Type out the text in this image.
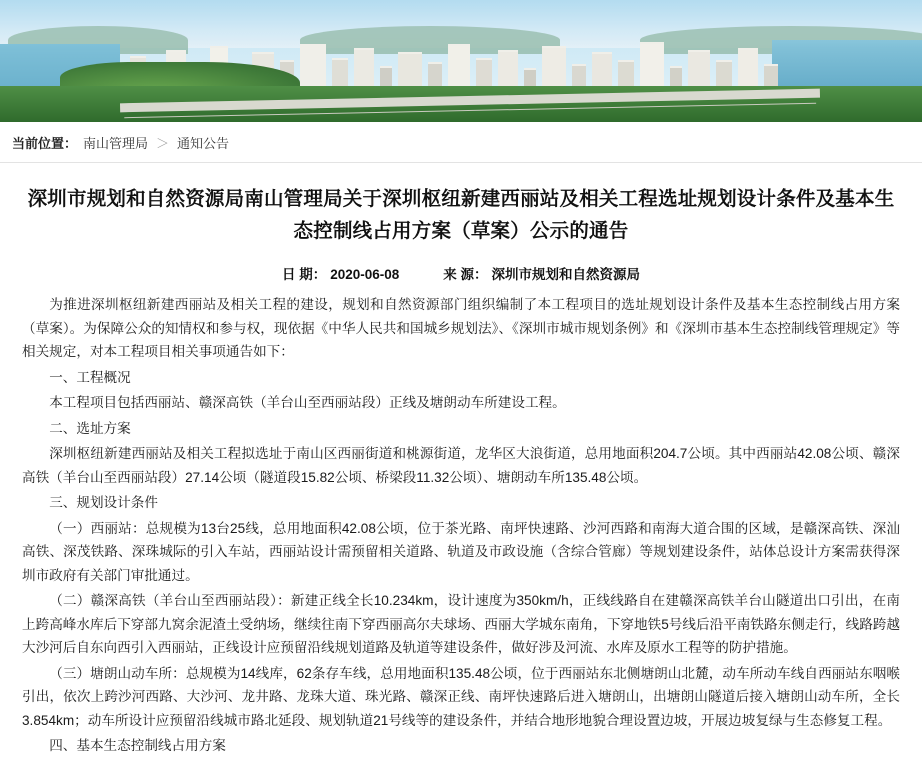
当前位置： 南山管理局 ＞ 通知公告
深圳市规划和自然资源局南山管理局关于深圳枢纽新建西丽站及相关工程选址规划设计条件及基本生态控制线占用方案（草案）公示的通告
日 期： 2020-06-08	来 源： 深圳市规划和自然资源局

为推进深圳枢纽新建西丽站及相关工程的建设，规划和自然资源部门组织编制了本工程项目的选址规划设计条件及基本生态控制线占用方案（草案）。为保障公众的知情权和参与权，现依据《中华人民共和国城乡规划法》、《深圳市城市规划条例》和《深圳市基本生态控制线管理规定》等相关规定，对本工程项目相关事项通告如下：

一、工程概况

本工程项目包括西丽站、赣深高铁（羊台山至西丽站段）正线及塘朗动车所建设工程。

二、选址方案

深圳枢纽新建西丽站及相关工程拟选址于南山区西丽街道和桃源街道，龙华区大浪街道，总用地面积204.7公顷。其中西丽站42.08公顷、赣深高铁（羊台山至西丽站段）27.14公顷（隧道段15.82公顷、桥梁段11.32公顷）、塘朗动车所135.48公顷。

三、规划设计条件

（一）西丽站：总规模为13台25线，总用地面积42.08公顷，位于茶光路、南坪快速路、沙河西路和南海大道合围的区域，是赣深高铁、深汕高铁、深茂铁路、深珠城际的引入车站，西丽站设计需预留相关道路、轨道及市政设施（含综合管廊）等规划建设条件，站体总设计方案需获得深圳市政府有关部门审批通过。

（二）赣深高铁（羊台山至西丽站段）：新建正线全长10.234km，设计速度为350km/h，正线线路自在建赣深高铁羊台山隧道出口引出，在南上跨高峰水库后下穿部九窝余泥渣土受纳场，继续往南下穿西丽高尔夫球场、西丽大学城东南角，下穿地铁5号线后沿平南铁路东侧走行，线路跨越大沙河后自东向西引入西丽站，正线设计应预留沿线规划道路及轨道等建设条件，做好涉及河流、水库及原水工程等的防护措施。

（三）塘朗山动车所：总规模为14线库，62条存车线，总用地面积135.48公顷，位于西丽站东北侧塘朗山北麓，动车所动车线自西丽站东咽喉引出，依次上跨沙河西路、大沙河、龙井路、龙珠大道、珠光路、赣深正线、南坪快速路后进入塘朗山，出塘朗山隧道后接入塘朗山动车所，全长3.854km；动车所设计应预留沿线城市路北延段、规划轨道21号线等的建设条件，并结合地形地貌合理设置边坡，开展边坡复绿与生态修复工程。

四、基本生态控制线占用方案
